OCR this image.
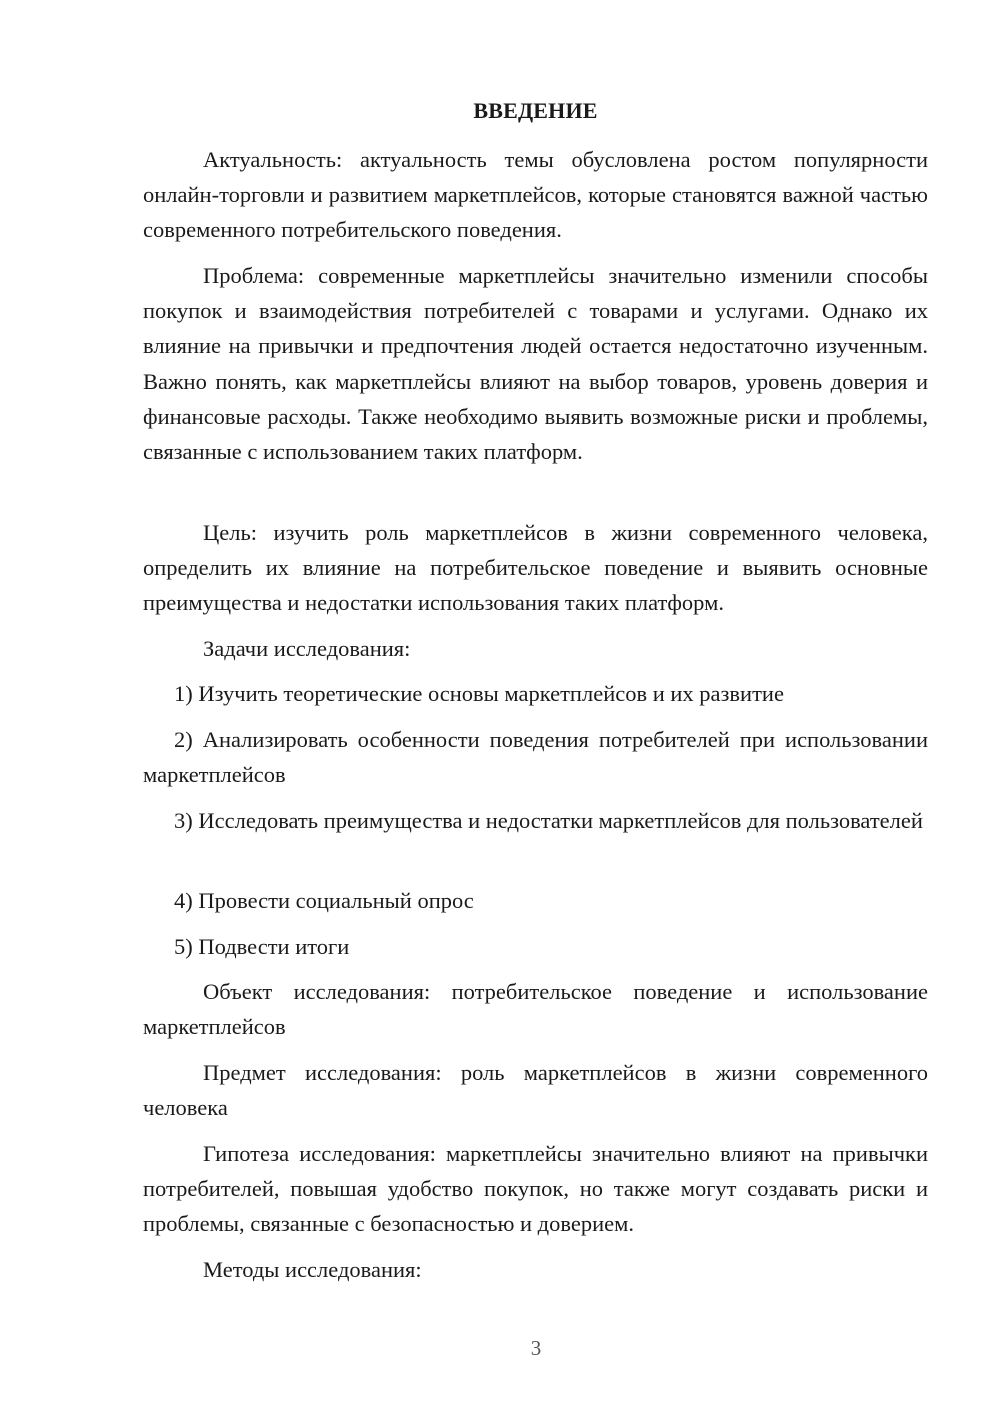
ВВЕДЕНИЕ

Актуальность: актуальность темы обусловлена ростом популярности онлайн-торговли и развитием маркетплейсов, которые становятся важной частью современного потребительского поведения.

Проблема: современные маркетплейсы значительно изменили способы покупок и взаимодействия потребителей с товарами и услугами. Однако их влияние на привычки и предпочтения людей остается недостаточно изученным. Важно понять, как маркетплейсы влияют на выбор товаров, уровень доверия и финансовые расходы. Также необходимо выявить возможные риски и проблемы, связанные с использованием таких платформ.

Цель: изучить роль маркетплейсов в жизни современного человека, определить их влияние на потребительское поведение и выявить основные преимущества и недостатки использования таких платформ.

Задачи исследования:

1) Изучить теоретические основы маркетплейсов и их развитие

2) Анализировать особенности поведения потребителей при использовании маркетплейсов

3) Исследовать преимущества и недостатки маркетплейсов для пользователей

4) Провести социальный опрос

5) Подвести итоги

Объект исследования: потребительское поведение и использование маркетплейсов

Предмет исследования: роль маркетплейсов в жизни современного человека

Гипотеза исследования: маркетплейсы значительно влияют на привычки потребителей, повышая удобство покупок, но также могут создавать риски и проблемы, связанные с безопасностью и доверием.

Методы исследования:

3
